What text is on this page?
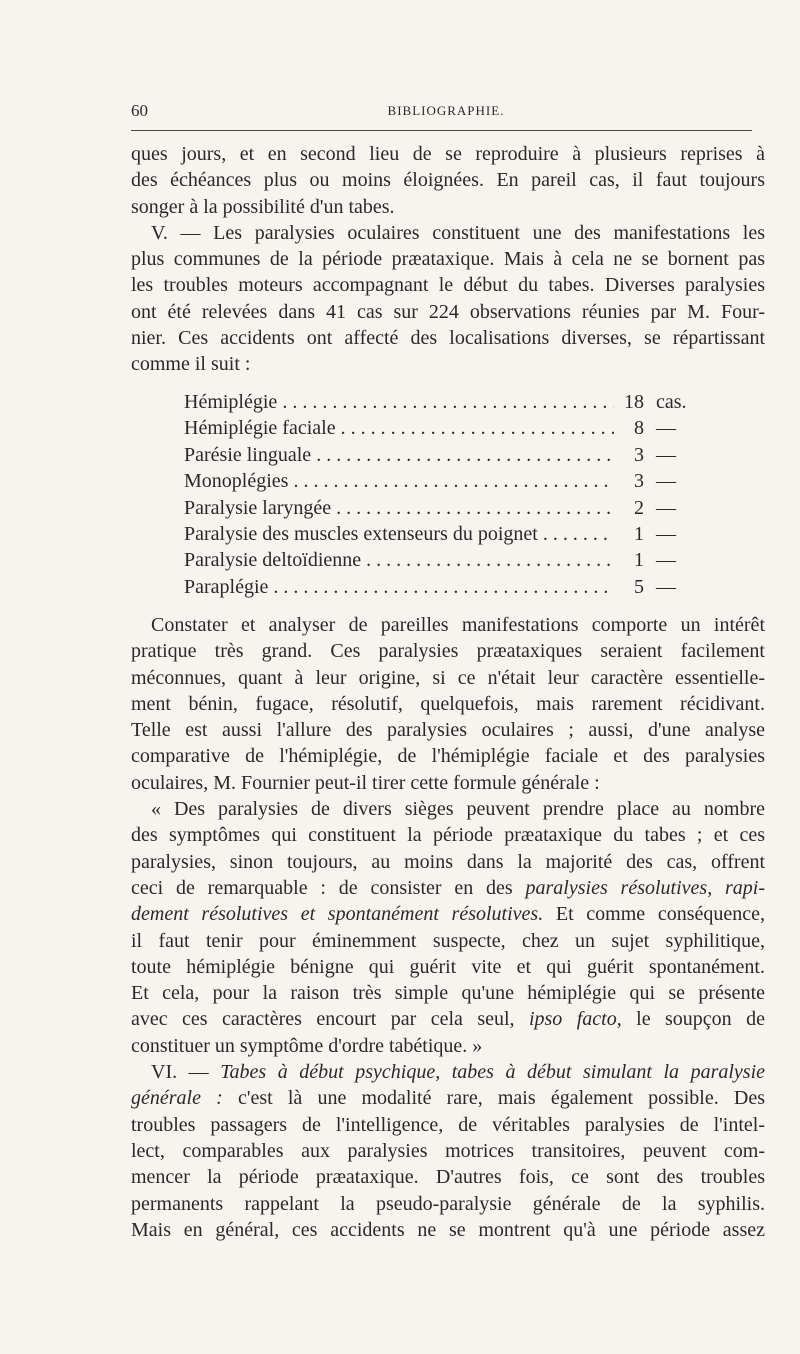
60	BIBLIOGRAPHIE.

ques jours, et en second lieu de se reproduire à plusieurs reprises à
des échéances plus ou moins éloignées. En pareil cas, il faut toujours
songer à la possibilité d'un tabes.

V. — Les paralysies oculaires constituent une des manifestations les
plus communes de la période præataxique. Mais à cela ne se bornent pas
les troubles moteurs accompagnant le début du tabes. Diverses paralysies
ont été relevées dans 41 cas sur 224 observations réunies par M. Four-
nier. Ces accidents ont affecté des localisations diverses, se répartissant
comme il suit :

Hémiplégie . . .	18 cas.
Hémiplégie faciale . . .	8 —
Parésie linguale . . .	3 —
Monoplégies . . .	3 —
Paralysie laryngée . . .	2 —
Paralysie des muscles extenseurs du poignet . . .	1 —
Paralysie deltoïdienne . . .	1 —
Paraplégie . . .	5 —

Constater et analyser de pareilles manifestations comporte un intérêt
pratique très grand. Ces paralysies præataxiques seraient facilement
méconnues, quant à leur origine, si ce n'était leur caractère essentielle-
ment bénin, fugace, résolutif, quelquefois, mais rarement récidivant.
Telle est aussi l'allure des paralysies oculaires ; aussi, d'une analyse
comparative de l'hémiplégie, de l'hémiplégie faciale et des paralysies
oculaires, M. Fournier peut-il tirer cette formule générale :

« Des paralysies de divers sièges peuvent prendre place au nombre
des symptômes qui constituent la période præataxique du tabes ; et ces
paralysies, sinon toujours, au moins dans la majorité des cas, offrent
ceci de remarquable : de consister en des paralysies résolutives, rapi-
dement résolutives et spontanément résolutives. Et comme conséquence,
il faut tenir pour éminemment suspecte, chez un sujet syphilitique,
toute hémiplégie bénigne qui guérit vite et qui guérit spontanément.
Et cela, pour la raison très simple qu'une hémiplégie qui se présente
avec ces caractères encourt par cela seul, ipso facto, le soupçon de
constituer un symptôme d'ordre tabétique. »

VI. — Tabes à début psychique, tabes à début simulant la paralysie
générale : c'est là une modalité rare, mais également possible. Des
troubles passagers de l'intelligence, de véritables paralysies de l'intel-
lect, comparables aux paralysies motrices transitoires, peuvent com-
mencer la période præataxique. D'autres fois, ce sont des troubles
permanents rappelant la pseudo-paralysie générale de la syphilis.
Mais en général, ces accidents ne se montrent qu'à une période assez
